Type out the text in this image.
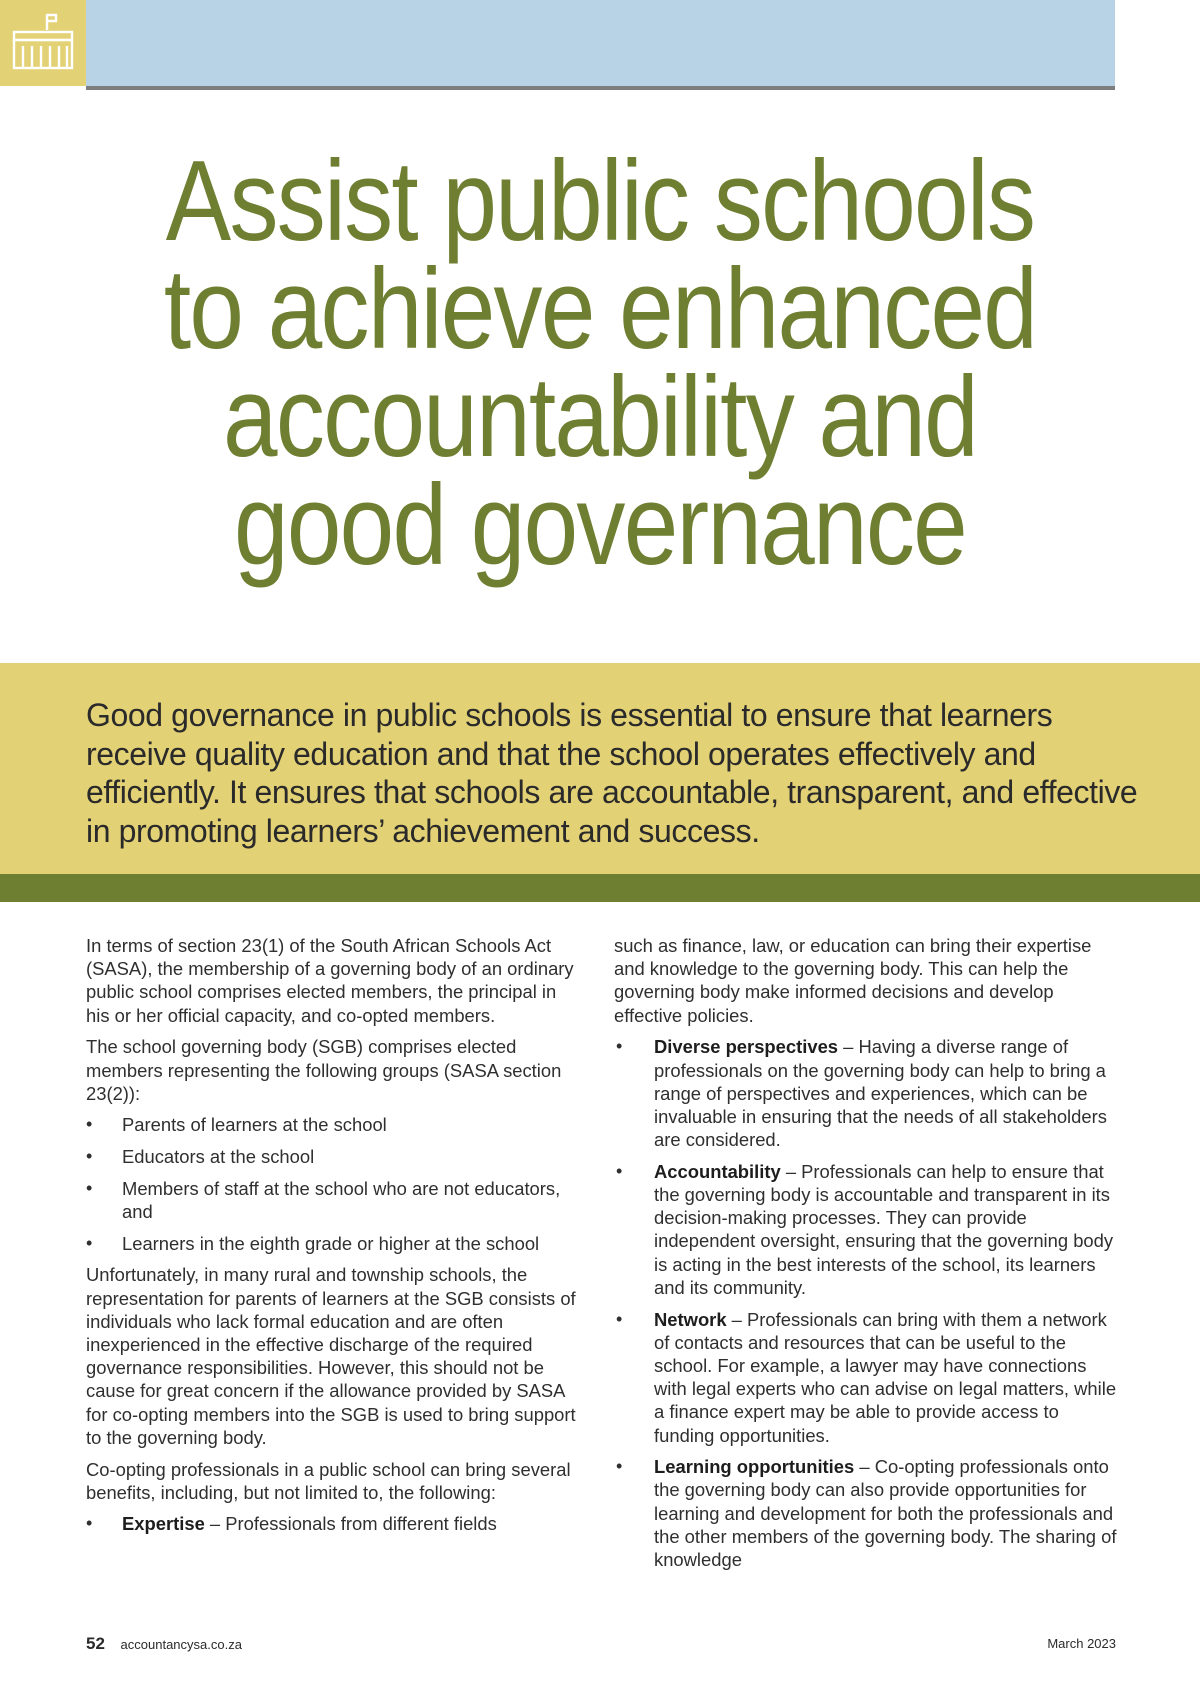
Assist public schools
to achieve enhanced
accountability and
good governance

Good governance in public schools is essential to ensure that learners receive quality education and that the school operates effectively and efficiently. It ensures that schools are accountable, transparent, and effective in promoting learners’ achievement and success.

In terms of section 23(1) of the South African Schools Act (SASA), the membership of a governing body of an ordinary public school comprises elected members, the principal in his or her official capacity, and co-opted members.

The school governing body (SGB) comprises elected members representing the following groups (SASA section 23(2)):

• Parents of learners at the school
• Educators at the school
• Members of staff at the school who are not educators, and
• Learners in the eighth grade or higher at the school

Unfortunately, in many rural and township schools, the representation for parents of learners at the SGB consists of individuals who lack formal education and are often inexperienced in the effective discharge of the required governance responsibilities. However, this should not be cause for great concern if the allowance provided by SASA for co-opting members into the SGB is used to bring support to the governing body.

Co-opting professionals in a public school can bring several benefits, including, but not limited to, the following:

• Expertise – Professionals from different fields

such as finance, law, or education can bring their expertise and knowledge to the governing body. This can help the governing body make informed decisions and develop effective policies.

• Diverse perspectives – Having a diverse range of professionals on the governing body can help to bring a range of perspectives and experiences, which can be invaluable in ensuring that the needs of all stakeholders are considered.
• Accountability – Professionals can help to ensure that the governing body is accountable and transparent in its decision-making processes. They can provide independent oversight, ensuring that the governing body is acting in the best interests of the school, its learners and its community.
• Network – Professionals can bring with them a network of contacts and resources that can be useful to the school. For example, a lawyer may have connections with legal experts who can advise on legal matters, while a finance expert may be able to provide access to funding opportunities.
• Learning opportunities – Co-opting professionals onto the governing body can also provide opportunities for learning and development for both the professionals and the other members of the governing body. The sharing of knowledge
52 accountancysa.co.za	March 2023
